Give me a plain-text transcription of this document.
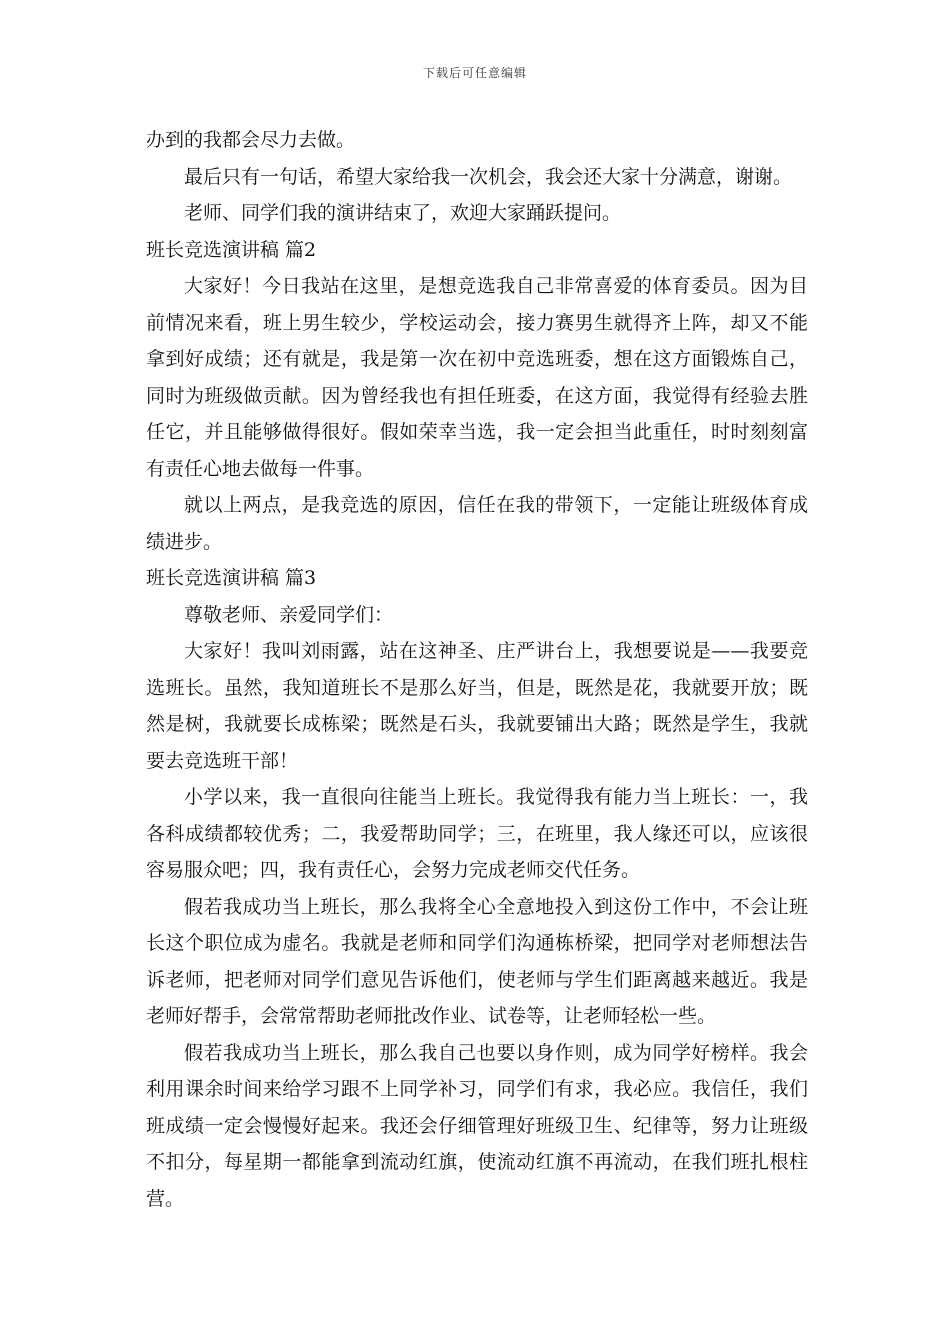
下载后可任意编辑

办到的我都会尽力去做。

最后只有一句话，希望大家给我一次机会，我会还大家十分满意，谢谢。

老师、同学们我的演讲结束了，欢迎大家踊跃提问。

班长竞选演讲稿 篇2

大家好！今日我站在这里，是想竞选我自己非常喜爱的体育委员。因为目前情况来看，班上男生较少，学校运动会，接力赛男生就得齐上阵，却又不能拿到好成绩；还有就是，我是第一次在初中竞选班委，想在这方面锻炼自己，同时为班级做贡献。因为曾经我也有担任班委，在这方面，我觉得有经验去胜任它，并且能够做得很好。假如荣幸当选，我一定会担当此重任，时时刻刻富有责任心地去做每一件事。

就以上两点，是我竞选的原因，信任在我的带领下，一定能让班级体育成绩进步。

班长竞选演讲稿 篇3

尊敬老师、亲爱同学们：

大家好！我叫刘雨露，站在这神圣、庄严讲台上，我想要说是——我要竞选班长。虽然，我知道班长不是那么好当，但是，既然是花，我就要开放；既然是树，我就要长成栋梁；既然是石头，我就要铺出大路；既然是学生，我就要去竞选班干部！

小学以来，我一直很向往能当上班长。我觉得我有能力当上班长：一，我各科成绩都较优秀；二，我爱帮助同学；三，在班里，我人缘还可以，应该很容易服众吧；四，我有责任心，会努力完成老师交代任务。

假若我成功当上班长，那么我将全心全意地投入到这份工作中，不会让班长这个职位成为虚名。我就是老师和同学们沟通栋桥梁，把同学对老师想法告诉老师，把老师对同学们意见告诉他们，使老师与学生们距离越来越近。我是老师好帮手，会常常帮助老师批改作业、试卷等，让老师轻松一些。

假若我成功当上班长，那么我自己也要以身作则，成为同学好榜样。我会利用课余时间来给学习跟不上同学补习，同学们有求，我必应。我信任，我们班成绩一定会慢慢好起来。我还会仔细管理好班级卫生、纪律等，努力让班级不扣分，每星期一都能拿到流动红旗，使流动红旗不再流动，在我们班扎根柱营。
